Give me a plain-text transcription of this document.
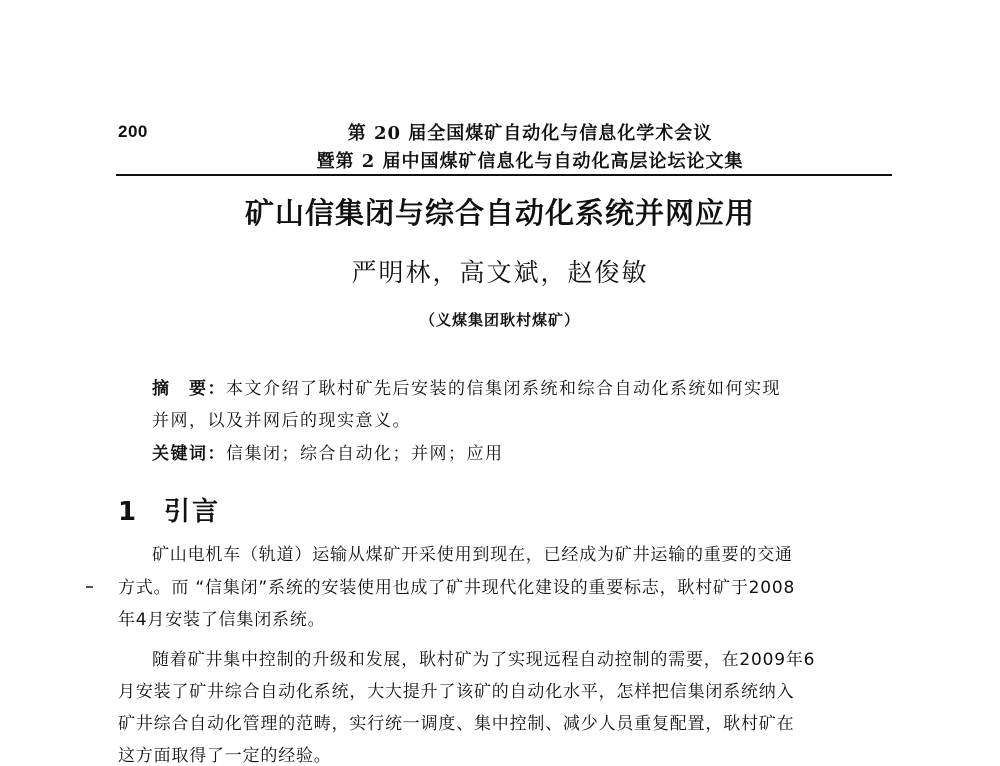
200	第 20 届全国煤矿自动化与信息化学术会议
暨第 2 届中国煤矿信息化与自动化高层论坛论文集
矿山信集闭与综合自动化系统并网应用
严明林，高文斌，赵俊敏
（义煤集团耿村煤矿）
摘　要：本文介绍了耿村矿先后安装的信集闭系统和综合自动化系统如何实现
并网，以及并网后的现实意义。
关键词：信集闭；综合自动化；并网；应用
1 引言
矿山电机车（轨道）运输从煤矿开采使用到现在，已经成为矿井运输的重要的交通
方式。而 “信集闭”系统的安装使用也成了矿井现代化建设的重要标志，耿村矿于2008
年4月安装了信集闭系统。
随着矿井集中控制的升级和发展，耿村矿为了实现远程自动控制的需要，在2009年6
月安装了矿井综合自动化系统，大大提升了该矿的自动化水平，怎样把信集闭系统纳入
矿井综合自动化管理的范畴，实行统一调度、集中控制、减少人员重复配置，耿村矿在
这方面取得了一定的经验。
